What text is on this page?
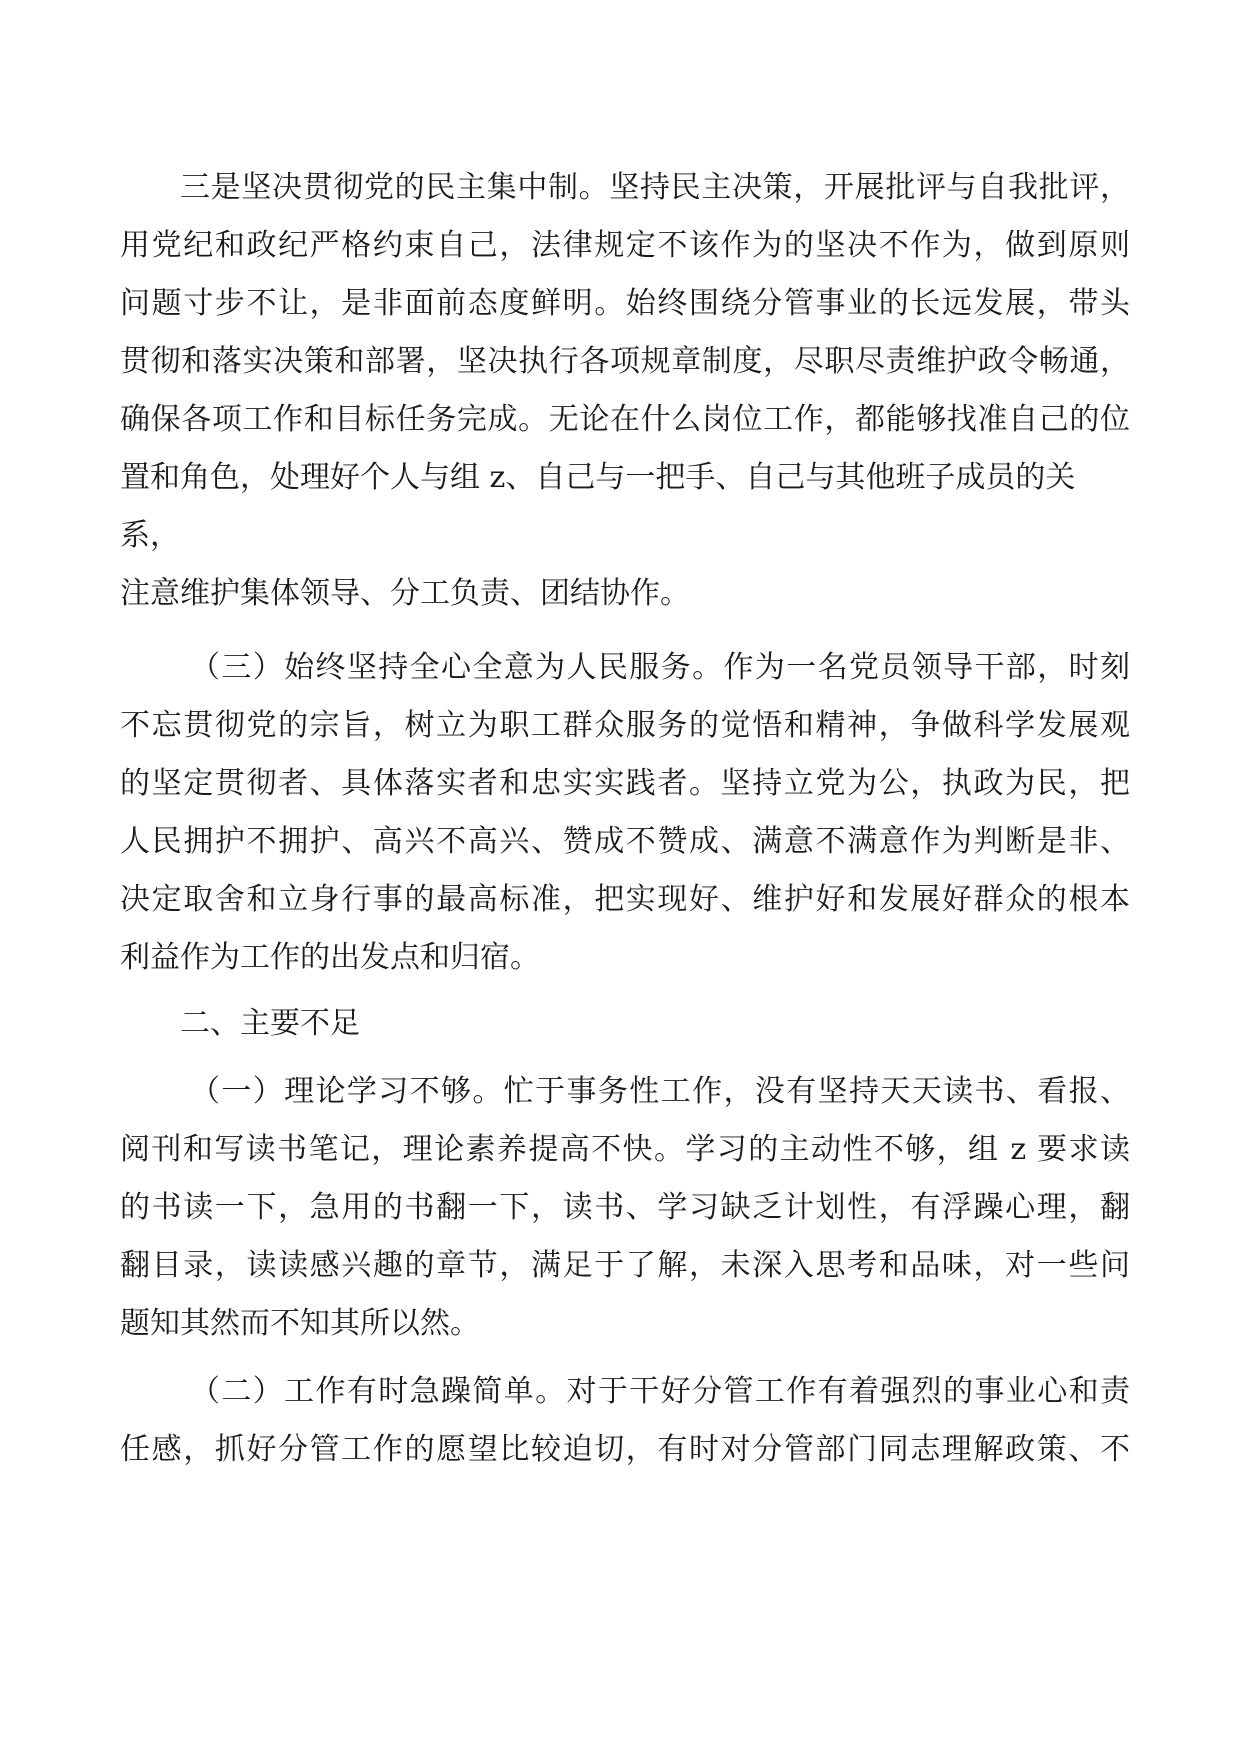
三是坚决贯彻党的民主集中制。坚持民主决策，开展批评与自我批评，
用党纪和政纪严格约束自己，法律规定不该作为的坚决不作为，做到原则
问题寸步不让，是非面前态度鲜明。始终围绕分管事业的长远发展，带头
贯彻和落实决策和部署，坚决执行各项规章制度，尽职尽责维护政令畅通，
确保各项工作和目标任务完成。无论在什么岗位工作，都能够找准自己的位
置和角色，处理好个人与组 z、自己与一把手、自己与其他班子成员的关
系，
注意维护集体领导、分工负责、团结协作。
（三）始终坚持全心全意为人民服务。作为一名党员领导干部，时刻
不忘贯彻党的宗旨，树立为职工群众服务的觉悟和精神，争做科学发展观
的坚定贯彻者、具体落实者和忠实实践者。坚持立党为公，执政为民，把
人民拥护不拥护、高兴不高兴、赞成不赞成、满意不满意作为判断是非、
决定取舍和立身行事的最高标准，把实现好、维护好和发展好群众的根本
利益作为工作的出发点和归宿。
二、主要不足
（一）理论学习不够。忙于事务性工作，没有坚持天天读书、看报、
阅刊和写读书笔记，理论素养提高不快。学习的主动性不够，组 z 要求读
的书读一下，急用的书翻一下，读书、学习缺乏计划性，有浮躁心理，翻
翻目录，读读感兴趣的章节，满足于了解，未深入思考和品味，对一些问
题知其然而不知其所以然。
（二）工作有时急躁简单。对于干好分管工作有着强烈的事业心和责
任感，抓好分管工作的愿望比较迫切，有时对分管部门同志理解政策、不
